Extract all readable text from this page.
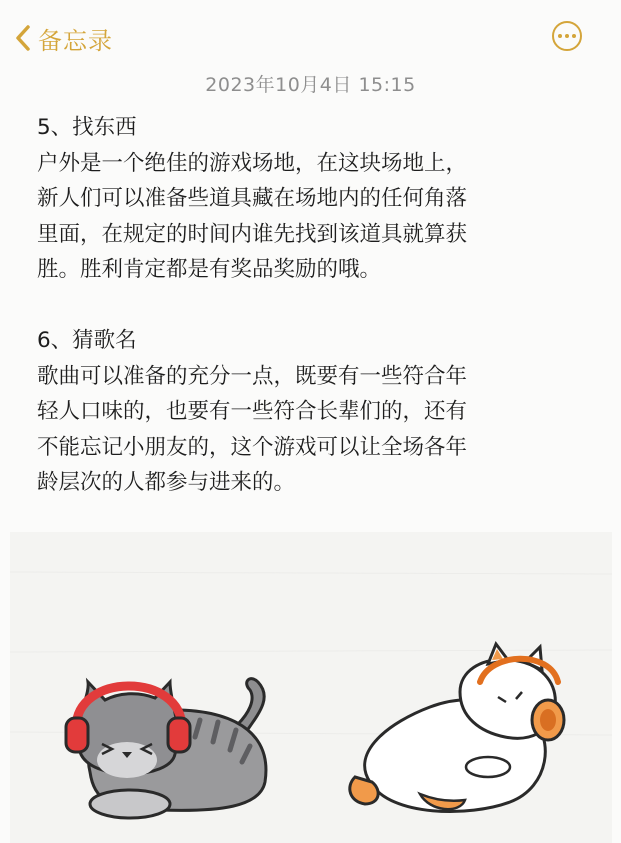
备忘录
2023年10月4日 15:15
5、找东西
户外是一个绝佳的游戏场地，在这块场地上，
新人们可以准备些道具藏在场地内的任何角落
里面，在规定的时间内谁先找到该道具就算获
胜。胜利肯定都是有奖品奖励的哦。
6、猜歌名
歌曲可以准备的充分一点，既要有一些符合年
轻人口味的，也要有一些符合长辈们的，还有
不能忘记小朋友的，这个游戏可以让全场各年
龄层次的人都参与进来的。
